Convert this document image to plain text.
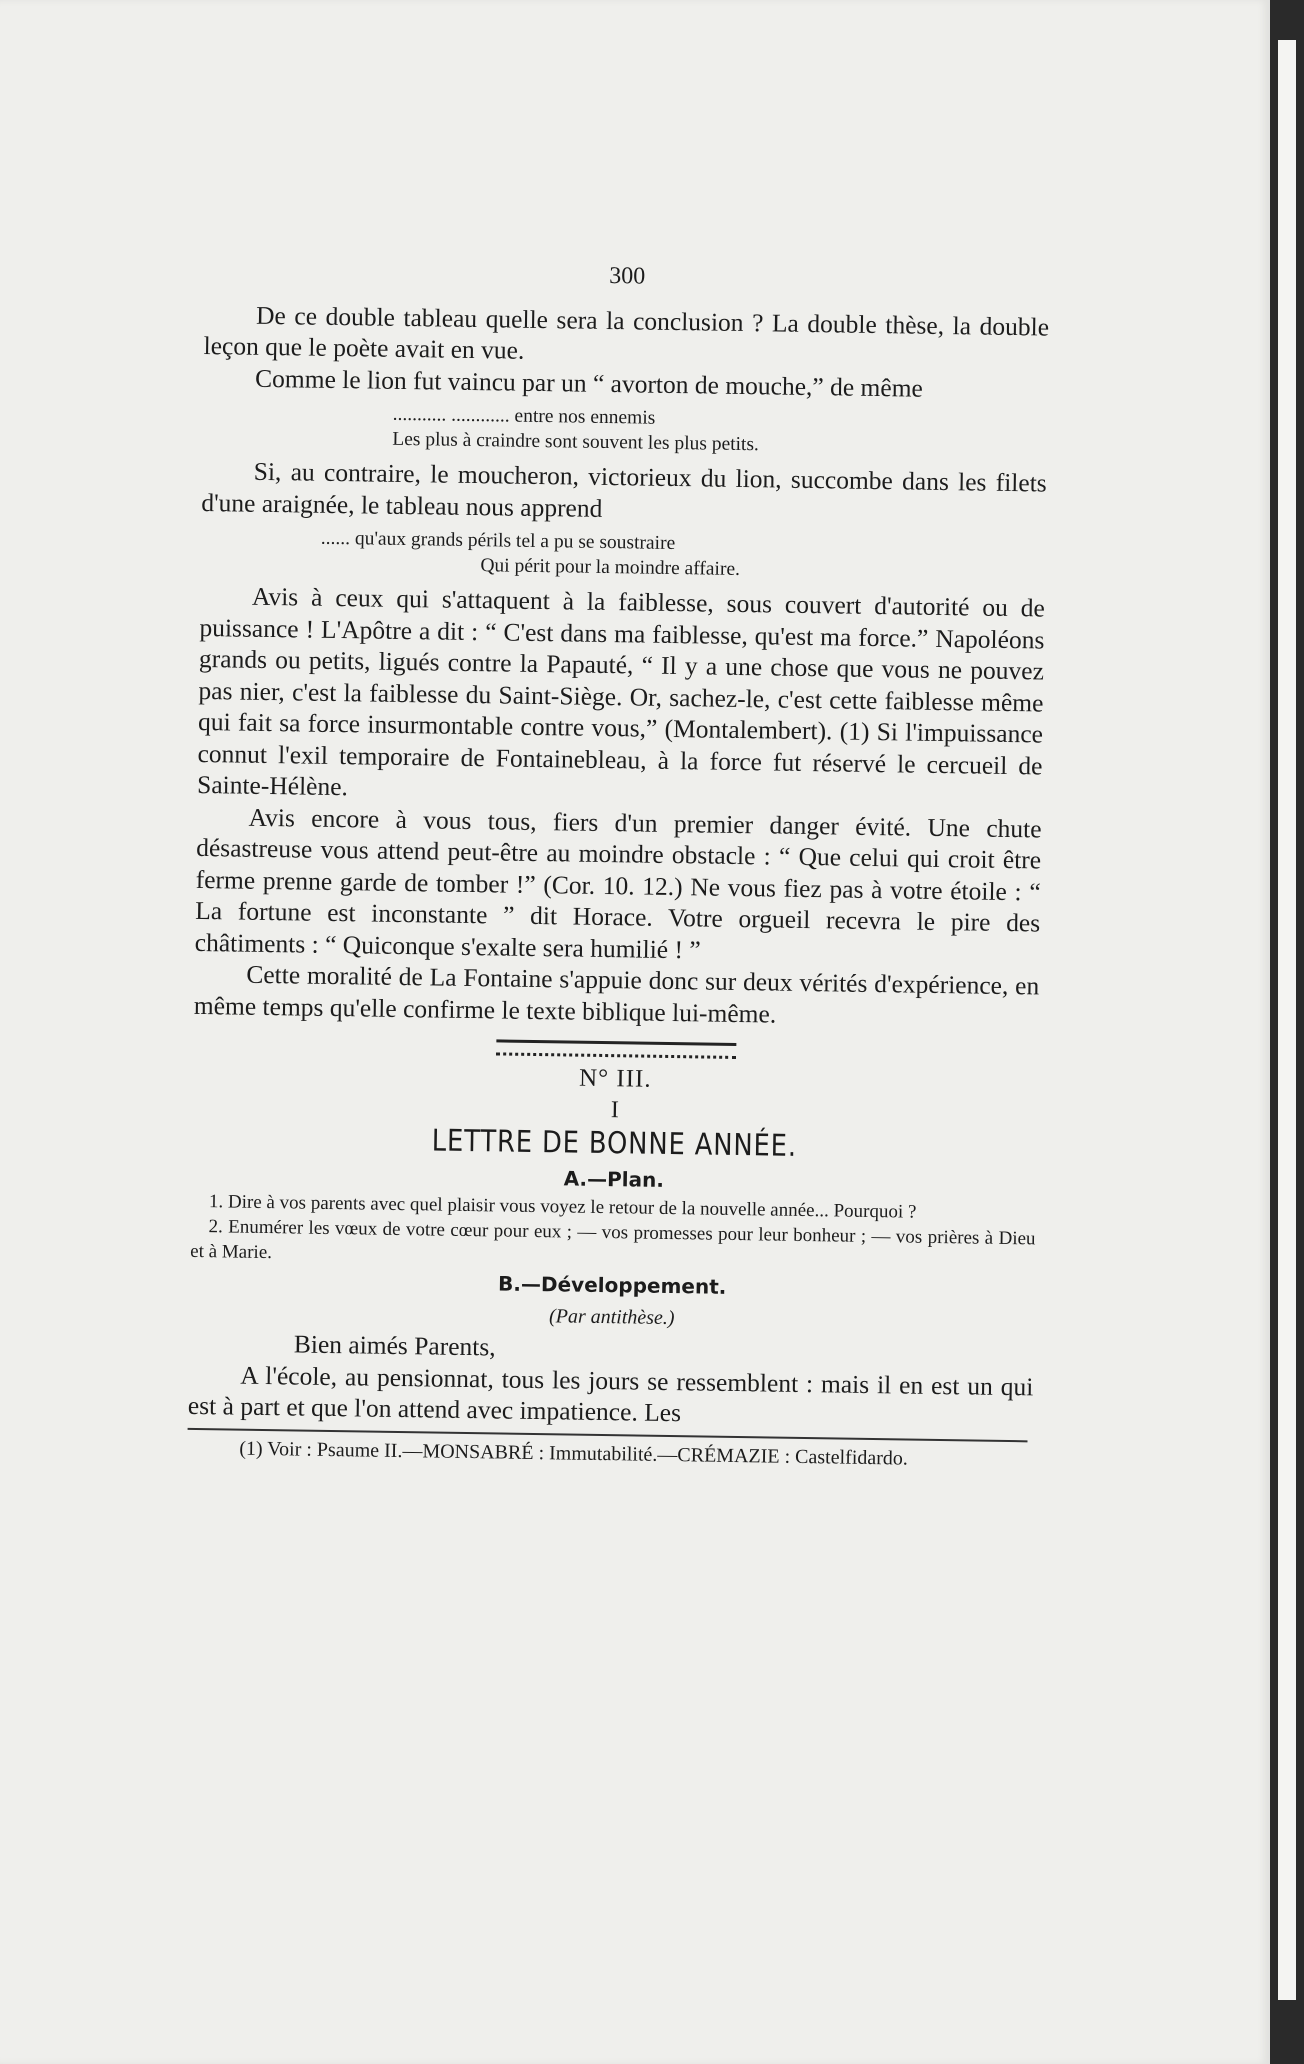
300

De ce double tableau quelle sera la conclusion ? La double thèse, la double leçon que le poète avait en vue.

Comme le lion fut vaincu par un “ avorton de mouche,” de même

........... ............ entre nos ennemis
Les plus à craindre sont souvent les plus petits.

Si, au contraire, le moucheron, victorieux du lion, succombe dans les filets d'une araignée, le tableau nous apprend

...... qu'aux grands périls tel a pu se soustraire
Qui périt pour la moindre affaire.

Avis à ceux qui s'attaquent à la faiblesse, sous couvert d'autorité ou de puissance ! L'Apôtre a dit : “ C'est dans ma faiblesse, qu'est ma force.” Napoléons grands ou petits, ligués contre la Papauté, “ Il y a une chose que vous ne pouvez pas nier, c'est la faiblesse du Saint-Siège. Or, sachez-le, c'est cette faiblesse même qui fait sa force insurmontable contre vous,” (Montalembert). (1) Si l'impuissance connut l'exil temporaire de Fontainebleau, à la force fut réservé le cercueil de Sainte-Hélène.

Avis encore à vous tous, fiers d'un premier danger évité. Une chute désastreuse vous attend peut-être au moindre obstacle : “ Que celui qui croit être ferme prenne garde de tomber !” (Cor. 10. 12.) Ne vous fiez pas à votre étoile : “ La fortune est inconstante ” dit Horace. Votre orgueil recevra le pire des châtiments : “ Quiconque s'exalte sera humilié ! ”

Cette moralité de La Fontaine s'appuie donc sur deux vérités d'expérience, en même temps qu'elle confirme le texte biblique lui-même.

N° III.
I
LETTRE DE BONNE ANNÉE.
A.—Plan.

1. Dire à vos parents avec quel plaisir vous voyez le retour de la nouvelle année... Pourquoi ?

2. Enumérer les vœux de votre cœur pour eux ; — vos promesses pour leur bonheur ; — vos prières à Dieu et à Marie.

B.—Développement.
(Par antithèse.)
Bien aimés Parents,

A l'école, au pensionnat, tous les jours se ressemblent : mais il en est un qui est à part et que l'on attend avec impatience. Les

(1) Voir : Psaume II.—MONSABRÉ : Immutabilité.—CRÉMAZIE : Castelfidardo.
